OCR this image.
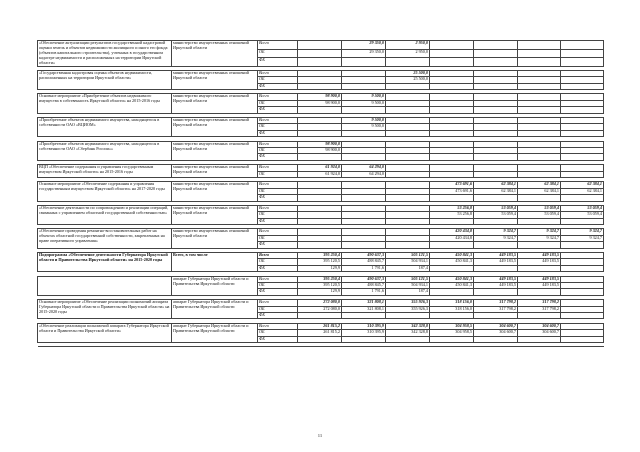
«Обеспечение актуализации результатов государственной кадастровой оценки земель и объектов недвижимости жилищного и иного его фонда (объектов капитального строительства), учтенных в государственном кадастре недвижимости и расположенных на территории Иркутской области»	министерство имущественных отношений Иркутской области	Всего		29 350,0	2 950,0					
		ОБ		29 350,0	2 950,0					
		ФБ								

«Государственная кадастровая оценка объектов недвижимости, расположенных на территории Иркутской области»	министерство имущественных отношений Иркутской области	Всего			25 500,0					
		ОБ			25 500,0					
		ФБ								

Основное мероприятие «Приобретение объектов недвижимого имущества в собственность Иркутской области» на 2015-2016 годы	министерство имущественных отношений Иркутской области	Всего	98 900,0	9 500,0						
		ОБ	98 900,0	9 500,0						
		ФБ								

«Приобретение объектов недвижимого имущества, находящегося в собственности ОАО «ВЦИОМ»	министерство имущественных отношений Иркутской области	Всего		9 500,0						
		ОБ		9 500,0						
		ФБ								

«Приобретение объектов недвижимого имущества, находящегося в собственности ОАО «Сбербанк России»»	министерство имущественных отношений Иркутской области	Всего	98 900,0							
		ОБ	98 900,0							
		ФБ								

ВЦП «Обеспечение содержания и управления государственным имуществом Иркутской области» на 2015-2016 годы	министерство имущественных отношений Иркутской области	Всего	61 924,0	64 294,0						
		ОБ	61 924,0	64 294,0						

Основное мероприятие «Обеспечение содержания и управления государственным имуществом Иркутской области» на 2017-2020 годы	министерство имущественных отношений Иркутской области	Всего				473 691,6	62 384,1	62 384,1	62 384,1	
		ОБ				473 691,6	62 384,1	62 384,1	62 384,1	
		ФБ								

«Обеспечение деятельности по сопровождению и реализации операций, связанных с управлением областной государственной собственностью»	министерство имущественных отношений Иркутской области	Всего				53 256,8	53 059,4	53 059,4	53 059,4	
		ОБ				53 256,8	53 059,4	53 059,4	53 059,4	
		ФБ								

«Обеспечение проведения ремонтно-восстановительных работ на объектах областной государственной собственности, закрепленных на праве оперативного управления»	министерство имущественных отношений Иркутской области	Всего				420 434,8	9 324,7	9 324,7	9 324,7	
		ОБ				420 434,8	9 324,7	9 324,7	9 324,7	
		ФБ								

Подпрограмма «Обеспечение деятельности Губернатора Иркутской области и Правительства Иркутской области» на 2015-2020 годы	Всего, в том числе	Всего	395 250,4	490 637,3	505 121,5	450 841,3	449 183,5	449 183,5		
		ОБ	395 120,5	488 845,7	504 934,1	450 841,3	449 183,5	449 183,5		
		ФБ	129,9	1 791,6	187,4					

	аппарат Губернатора Иркутской области и Правительства Иркутской области	Всего	395 250,4	490 637,3	505 121,5	450 841,3	449 183,5	449 183,5		
		ОБ	395 120,5	488 845,7	504 934,1	450 841,3	449 183,5	449 183,5		
		ФБ	129,9	1 791,6	187,4					

Основное мероприятие «Обеспечение реализации полномочий аппарата Губернатора Иркутской области и Правительства Иркутской области» на 2015-2020 годы	аппарат Губернатора Иркутской области и Правительства Иркутской области	Всего	272 080,0	321 808,1	355 926,3	318 156,0	317 798,2	317 798,2		
		ОБ	272 080,0	321 808,1	355 926,3	318 156,0	317 798,2	317 798,2		
		ФБ								

«Обеспечение реализации полномочий аппарата Губернатора Иркутской области и Правительства Иркутской области»	аппарат Губернатора Иркутской области и Правительства Иркутской области	Всего	261 815,2	310 395,9	342 328,8	304 958,5	304 600,7	304 600,7		
		ОБ	261 815,2	310 395,9	342 328,8	304 958,5	304 600,7	304 600,7		
		ФБ								

11
